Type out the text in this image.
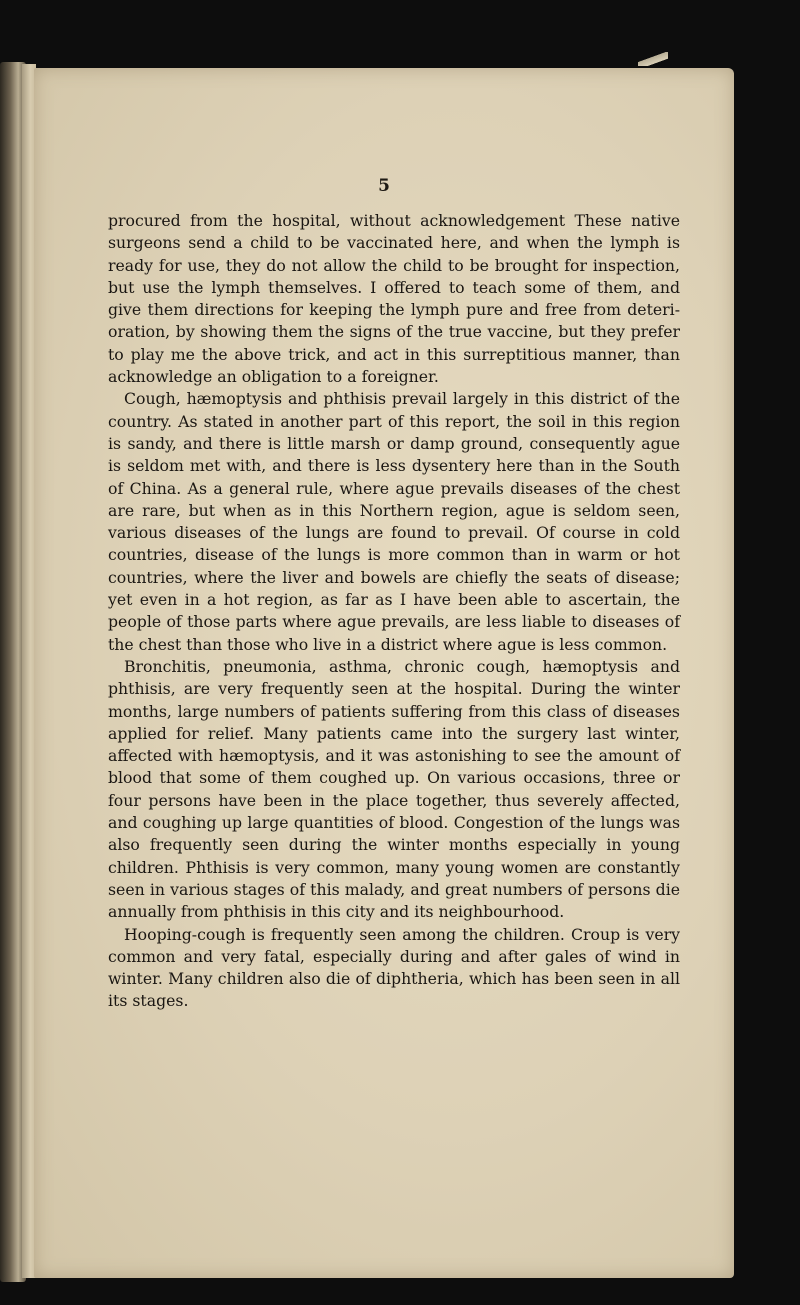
5

procured from the hospital, without acknowledgement These native surgeons send a child to be vaccinated here, and when the lymph is ready for use, they do not allow the child to be brought for inspection, but use the lymph themselves. I offered to teach some of them, and give them directions for keeping the lymph pure and free from deterioration, by showing them the signs of the true vaccine, but they prefer to play me the above trick, and act in this surreptitious manner, than acknowledge an obligation to a foreigner.

Cough, hæmoptysis and phthisis prevail largely in this district of the country. As stated in another part of this report, the soil in this region is sandy, and there is little marsh or damp ground, consequently ague is seldom met with, and there is less dysentery here than in the South of China. As a general rule, where ague prevails diseases of the chest are rare, but when as in this Northern region, ague is seldom seen, various diseases of the lungs are found to prevail. Of course in cold countries, disease of the lungs is more common than in warm or hot countries, where the liver and bowels are chiefly the seats of disease; yet even in a hot region, as far as I have been able to ascertain, the people of those parts where ague prevails, are less liable to diseases of the chest than those who live in a district where ague is less common.

Bronchitis, pneumonia, asthma, chronic cough, hæmoptysis and phthisis, are very frequently seen at the hospital. During the winter months, large numbers of patients suffering from this class of diseases applied for relief. Many patients came into the surgery last winter, affected with hæmoptysis, and it was astonishing to see the amount of blood that some of them coughed up. On various occasions, three or four persons have been in the place together, thus severely affected, and coughing up large quantities of blood. Congestion of the lungs was also frequently seen during the winter months especially in young children. Phthisis is very common, many young women are constantly seen in various stages of this malady, and great numbers of persons die annually from phthisis in this city and its neighbourhood.

Hooping-cough is frequently seen among the children. Croup is very common and very fatal, especially during and after gales of wind in winter. Many children also die of diphtheria, which has been seen in all its stages.
